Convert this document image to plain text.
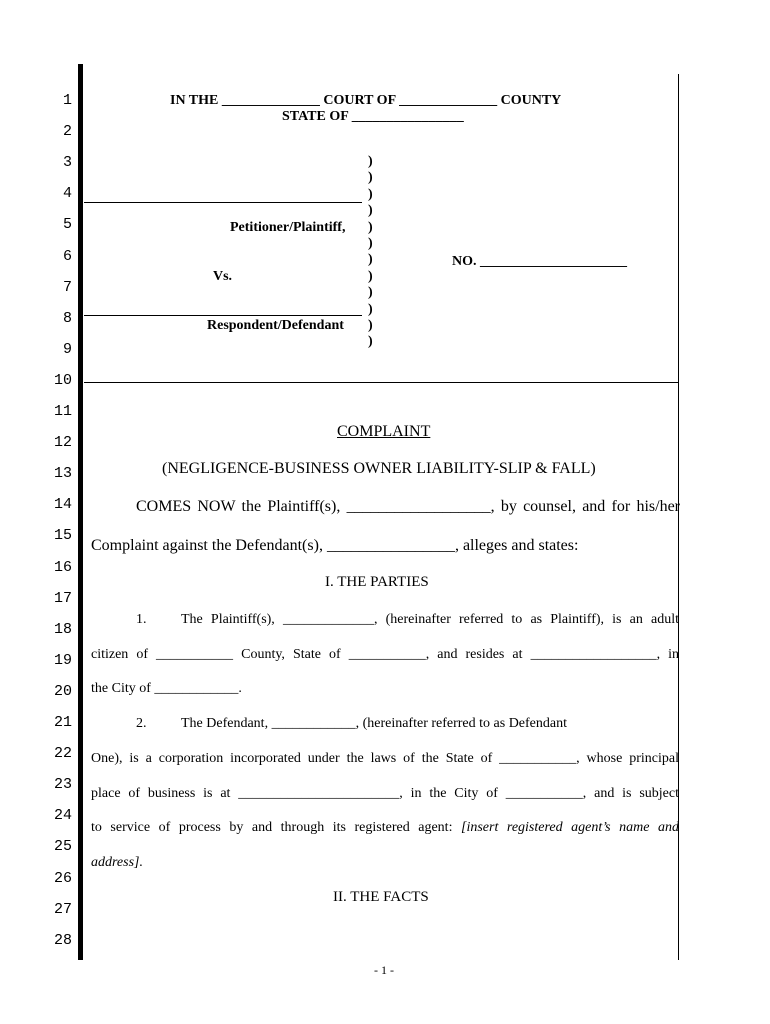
1
2
3
4
5
6
7
8
9
10
11
12
13
14
15
16
17
18
19
20
21
22
23
24
25
26
27
28
IN THE ______________ COURT OF ______________ COUNTY
STATE OF ________________
)
)
)
)
)
)
)
)
)
)
)
)
Petitioner/Plaintiff,
Vs.
Respondent/Defendant
NO. _____________________
COMPLAINT
(NEGLIGENCE-BUSINESS OWNER LIABILITY-SLIP & FALL)
COMES NOW the Plaintiff(s), __________________, by counsel, and for his/her
Complaint against the Defendant(s), ________________, alleges and states:
I. THE PARTIES
1. The Plaintiff(s), _____________, (hereinafter referred to as Plaintiff), is an adult
citizen of ___________ County, State of ___________, and resides at __________________, in
the City of ____________.
2. The Defendant, ____________, (hereinafter referred to as Defendant
One), is a corporation incorporated under the laws of the State of ___________, whose principal
place of business is at _______________________, in the City of ___________, and is subject
to service of process by and through its registered agent: [insert registered agent’s name and
address].
II. THE FACTS
- 1 -
